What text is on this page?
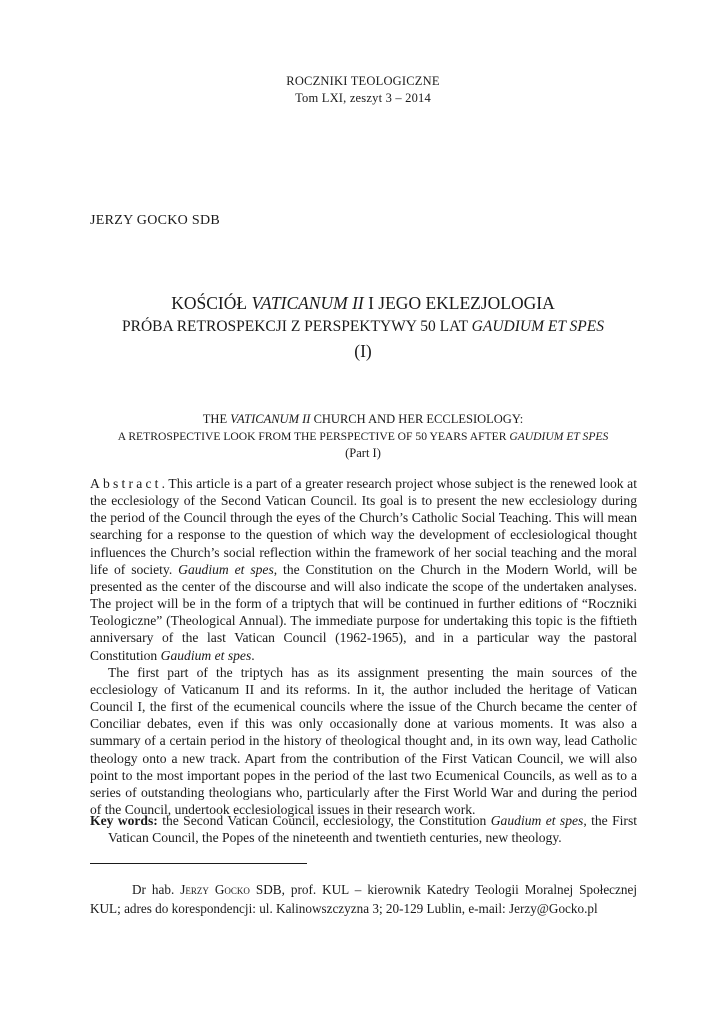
ROCZNIKI TEOLOGICZNE
Tom LXI, zeszyt 3 – 2014
JERZY GOCKO SDB
KOŚCIÓŁ VATICANUM II I JEGO EKLEZJOLOGIA
PRÓBA RETROSPEKCJI Z PERSPEKTYWY 50 LAT GAUDIUM ET SPES
(I)
THE VATICANUM II CHURCH AND HER ECCLESIOLOGY:
A RETROSPECTIVE LOOK FROM THE PERSPECTIVE OF 50 YEARS AFTER GAUDIUM ET SPES
(Part I)

Abstract. This article is a part of a greater research project whose subject is the renewed look at the ecclesiology of the Second Vatican Council. Its goal is to present the new ecclesiology during the period of the Council through the eyes of the Church’s Catholic Social Teaching. This will mean searching for a response to the question of which way the development of ecclesiological thought influences the Church’s social reflection within the framework of her social teaching and the moral life of society. Gaudium et spes, the Constitution on the Church in the Modern World, will be presented as the center of the discourse and will also indicate the scope of the undertaken analyses. The project will be in the form of a triptych that will be continued in further editions of “Roczniki Teologiczne” (Theological Annual). The immediate purpose for undertaking this topic is the fiftieth anniversary of the last Vatican Council (1962-1965), and in a particular way the pastoral Constitution Gaudium et spes.

The first part of the triptych has as its assignment presenting the main sources of the ecclesiology of Vaticanum II and its reforms. In it, the author included the heritage of Vatican Council I, the first of the ecumenical councils where the issue of the Church became the center of Conciliar debates, even if this was only occasionally done at various moments. It was also a summary of a certain period in the history of theological thought and, in its own way, lead Catholic theology onto a new track. Apart from the contribution of the First Vatican Council, we will also point to the most important popes in the period of the last two Ecumenical Councils, as well as to a series of outstanding theologians who, particularly after the First World War and during the period of the Council, undertook ecclesiological issues in their research work.

Key words: the Second Vatican Council, ecclesiology, the Constitution Gaudium et spes, the First Vatican Council, the Popes of the nineteenth and twentieth centuries, new theology.
Dr hab. Jerzy Gocko SDB, prof. KUL – kierownik Katedry Teologii Moralnej Społecznej KUL; adres do korespondencji: ul. Kalinowszczyzna 3; 20-129 Lublin, e-mail: Jerzy@Gocko.pl
